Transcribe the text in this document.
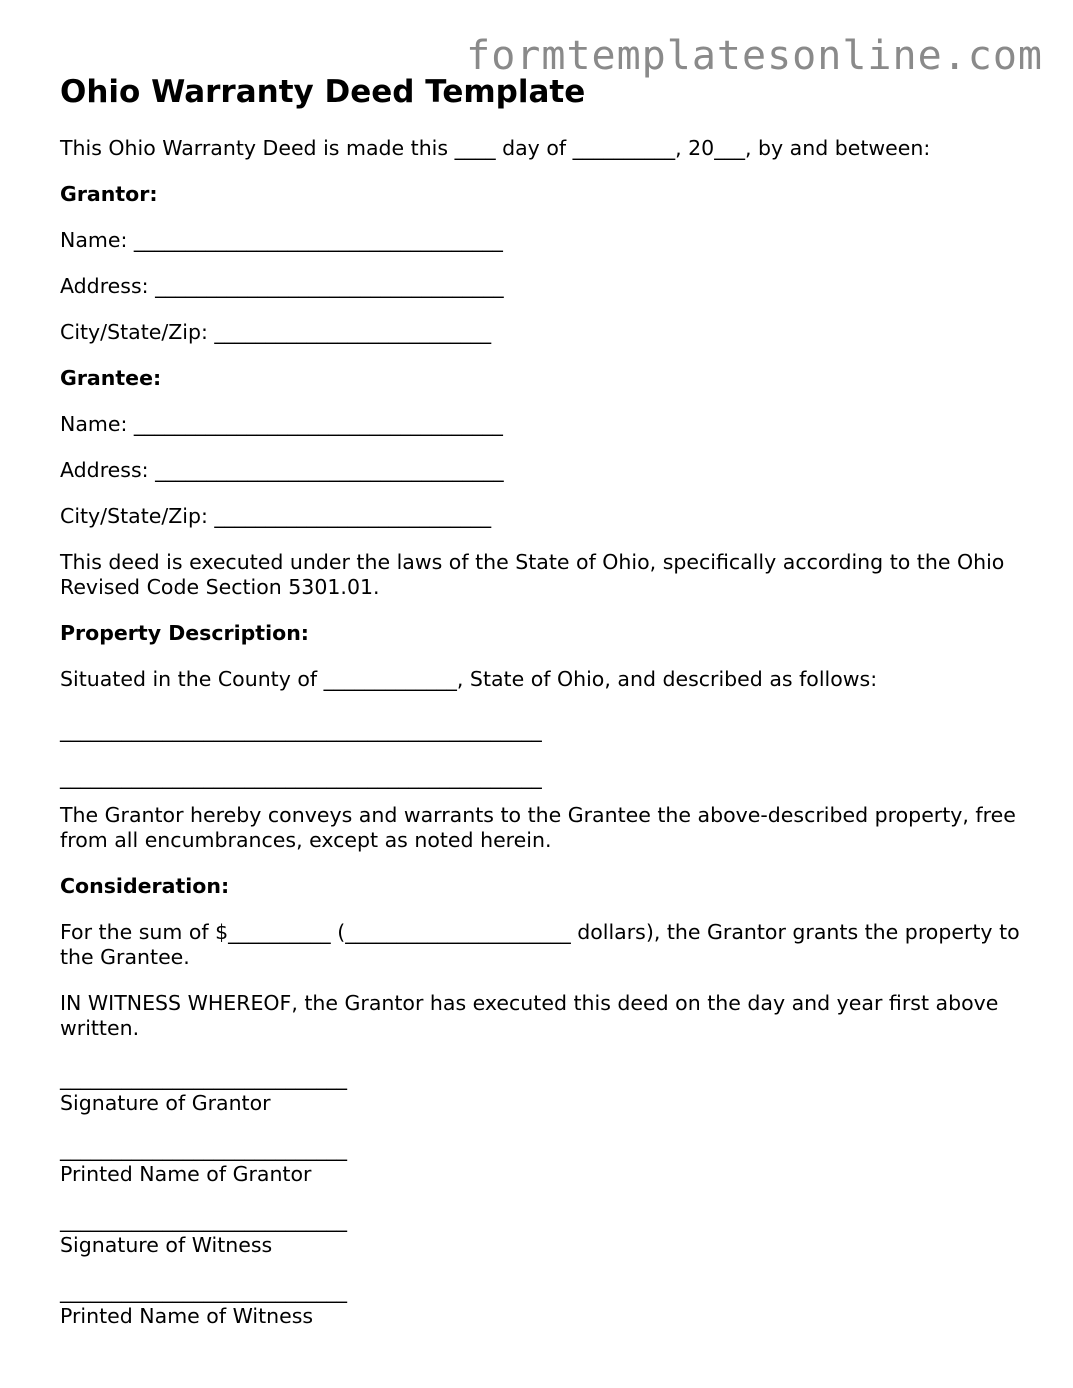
formtemplatesonline.com
Ohio Warranty Deed Template

This Ohio Warranty Deed is made this ____ day of __________, 20___, by and between:

Grantor:

Name: ____________________________________

Address: __________________________________

City/State/Zip: ___________________________

Grantee:

Name: ____________________________________

Address: __________________________________

City/State/Zip: ___________________________

This deed is executed under the laws of the State of Ohio, specifically according to the Ohio Revised Code Section 5301.01.

Property Description:

Situated in the County of _____________, State of Ohio, and described as follows:

_______________________________________________

_______________________________________________

The Grantor hereby conveys and warrants to the Grantee the above-described property, free from all encumbrances, except as noted herein.

Consideration:

For the sum of $__________ (______________________ dollars), the Grantor grants the property to the Grantee.

IN WITNESS WHEREOF, the Grantor has executed this deed on the day and year first above written.

____________________________
Signature of Grantor
____________________________
Printed Name of Grantor
____________________________
Signature of Witness
____________________________
Printed Name of Witness
